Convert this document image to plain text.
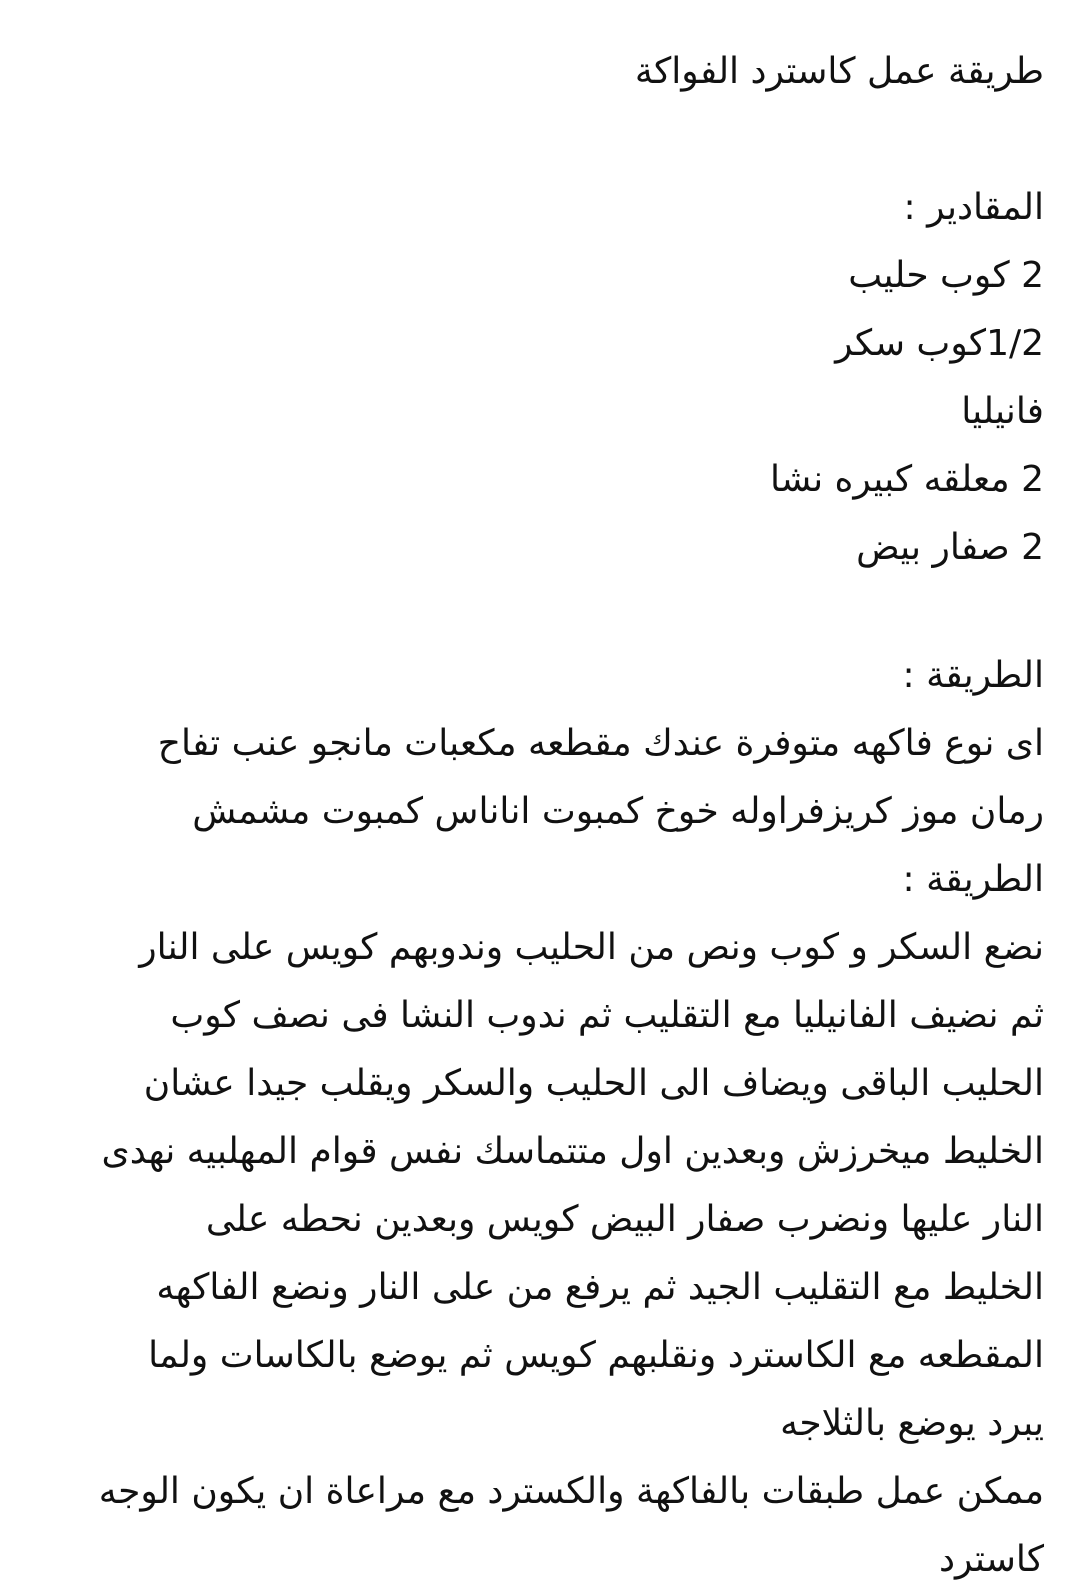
طريقة عمل كاسترد الفواكة
المقادير :
2 كوب حليب
1/2كوب سكر
فانيليا
2 معلقه كبيره نشا
2 صفار بيض
الطريقة :
اى نوع فاكهه متوفرة عندك مقطعه مكعبات مانجو عنب تفاح
رمان موز كريزفراوله خوخ كمبوت اناناس كمبوت مشمش
الطريقة :
نضع السكر و كوب ونص من الحليب وندوبهم كويس على النار
ثم نضيف الفانيليا مع التقليب ثم ندوب النشا فى نصف كوب
الحليب الباقى ويضاف الى الحليب والسكر ويقلب جيدا عشان
الخليط ميخرزش وبعدين اول متتماسك نفس قوام المهلبيه نهدى
النار عليها ونضرب صفار البيض كويس وبعدين نحطه على
الخليط مع التقليب الجيد ثم يرفع من على النار ونضع الفاكهه
المقطعه مع الكاسترد ونقلبهم كويس ثم يوضع بالكاسات ولما
يبرد يوضع بالثلاجه
ممكن عمل طبقات بالفاكهة والكسترد مع مراعاة ان يكون الوجه
كاسترد
